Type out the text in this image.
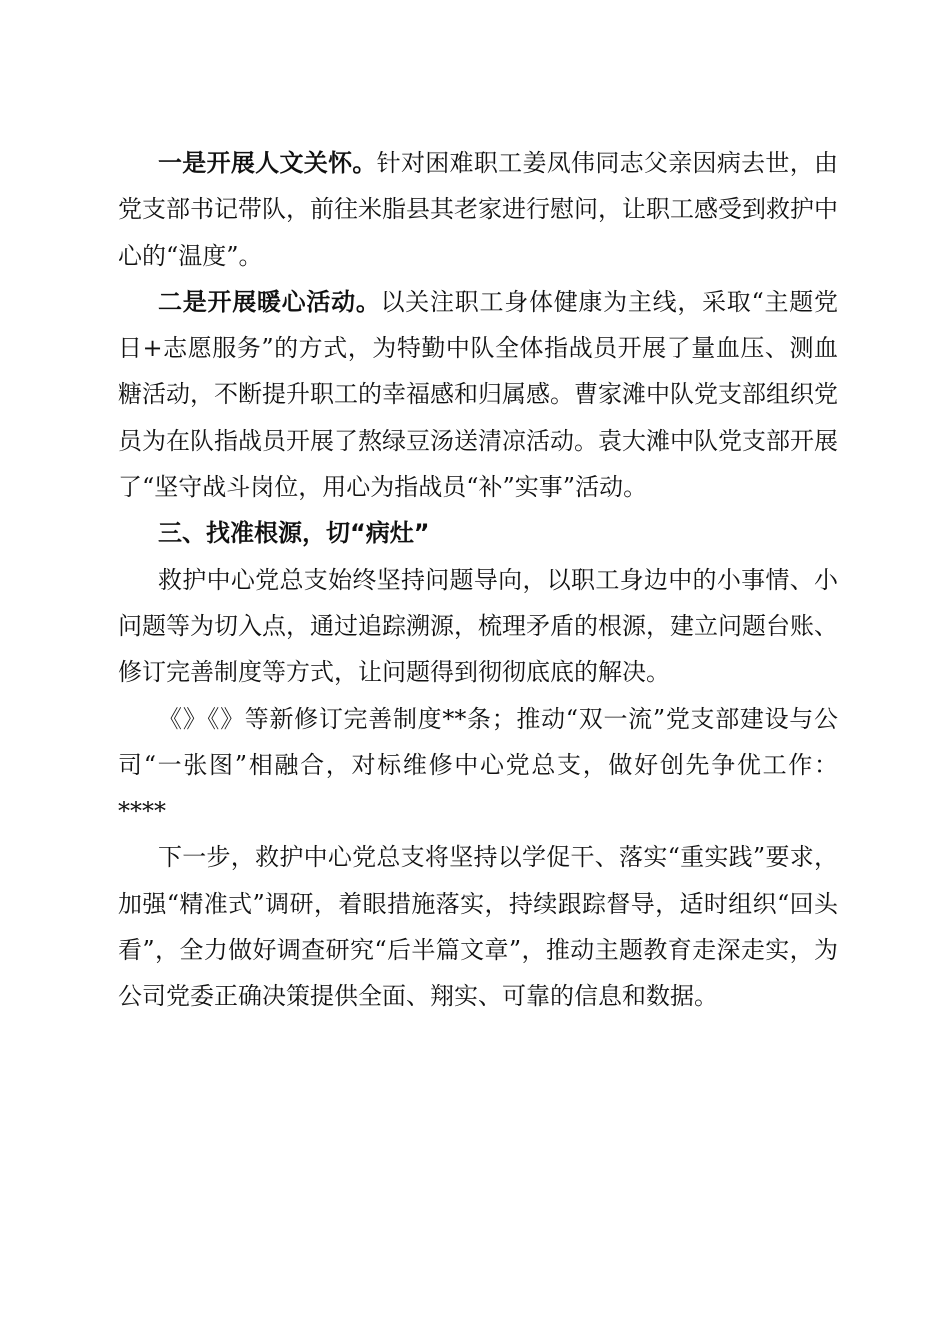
一是开展人文关怀。针对困难职工姜凤伟同志父亲因病去世，由党支部书记带队，前往米脂县其老家进行慰问，让职工感受到救护中心的“温度”。

二是开展暖心活动。以关注职工身体健康为主线，采取“主题党日+志愿服务”的方式，为特勤中队全体指战员开展了量血压、测血糖活动，不断提升职工的幸福感和归属感。曹家滩中队党支部组织党员为在队指战员开展了熬绿豆汤送清凉活动。袁大滩中队党支部开展了“坚守战斗岗位，用心为指战员“补”实事”活动。

三、找准根源，切“病灶”

救护中心党总支始终坚持问题导向，以职工身边中的小事情、小问题等为切入点，通过追踪溯源，梳理矛盾的根源，建立问题台账、修订完善制度等方式，让问题得到彻彻底底的解决。

《》《》等新修订完善制度**条；推动“双一流”党支部建设与公司“一张图”相融合，对标维修中心党总支，做好创先争优工作：****

下一步，救护中心党总支将坚持以学促干、落实“重实践”要求，加强“精准式”调研，着眼措施落实，持续跟踪督导，适时组织“回头看”，全力做好调查研究“后半篇文章”，推动主题教育走深走实，为公司党委正确决策提供全面、翔实、可靠的信息和数据。
